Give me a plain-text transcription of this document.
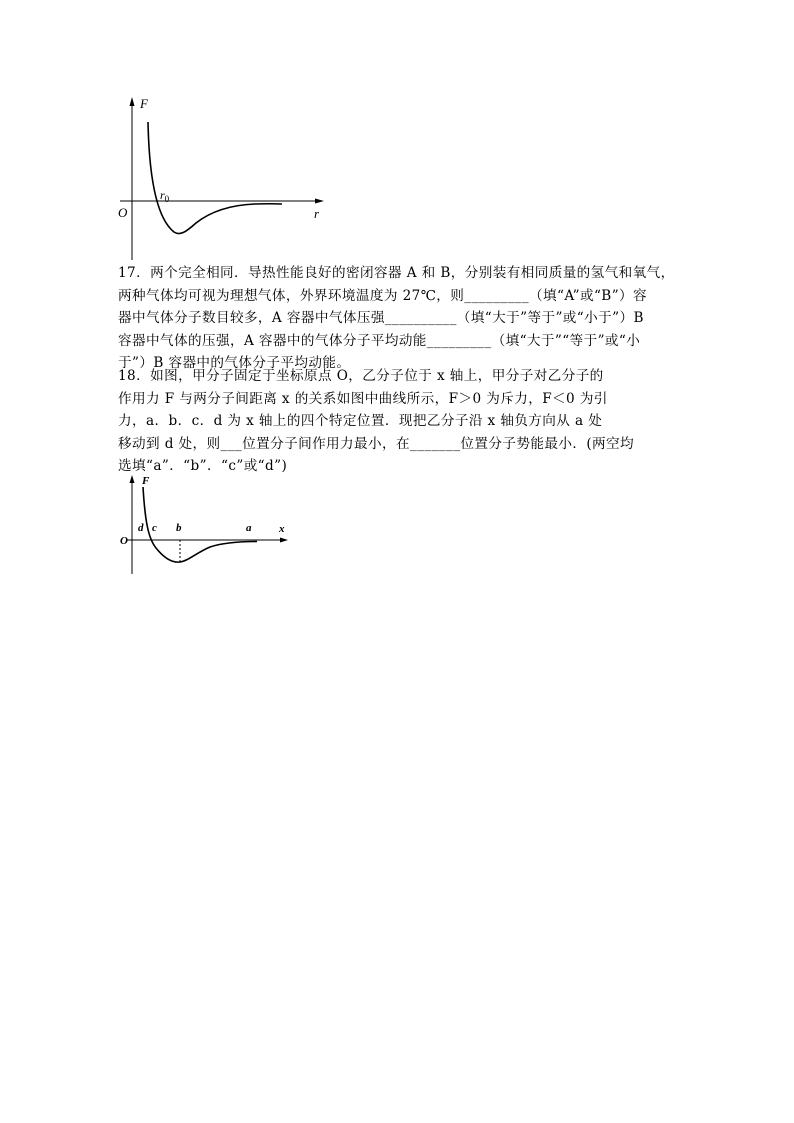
F
r
O
$r_0$

17．两个完全相同．导热性能良好的密闭容器 A 和 B，分别装有相同质量的氢气和氧气，

两种气体均可视为理想气体，外界环境温度为 27℃，则_________（填“A”或“B”）容

器中气体分子数目较多，A 容器中气体压强__________（填“大于”等于”或“小于”）B

容器中气体的压强，A 容器中的气体分子平均动能_________（填“大于”“等于”或“小

于”）B 容器中的气体分子平均动能。

18．如图，甲分子固定于坐标原点 O，乙分子位于 x 轴上，甲分子对乙分子的

作用力 F 与两分子间距离 x 的关系如图中曲线所示，F＞0 为斥力，F＜0 为引

力，a．b．c．d 为 x 轴上的四个特定位置．现把乙分子沿 x 轴负方向从 a 处

移动到 d 处，则___位置分子间作用力最小，在_______位置分子势能最小．(两空均

选填“a”．“b”．“c”或“d”)

F
x
O
d c b	a
